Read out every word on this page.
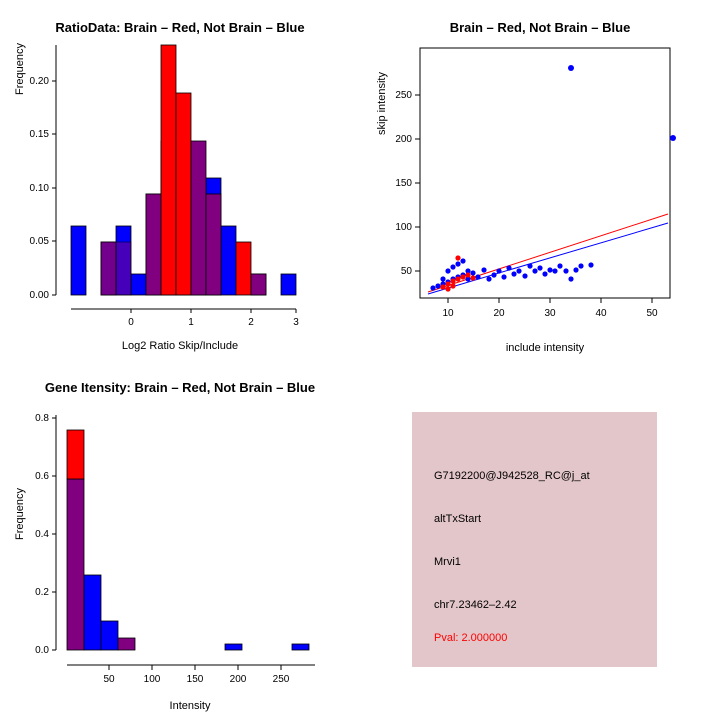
RatioData: Brain – Red, Not Brain – Blue
Frequency
0.00
0.05
0.10
0.15
0.20
0	1	2	3
Log2 Ratio Skip/Include
Brain – Red, Not Brain – Blue
skip intensity
50
100
150
200
250
10	20	30	40	50
include intensity
Gene Itensity: Brain – Red, Not Brain – Blue
Frequency
0.0
0.2
0.4
0.6
0.8
50	100	150	200	250
Intensity
G7192200@J942528_RC@j_at
altTxStart
Mrvi1
chr7.23462–2.42
Pval: 2.000000
